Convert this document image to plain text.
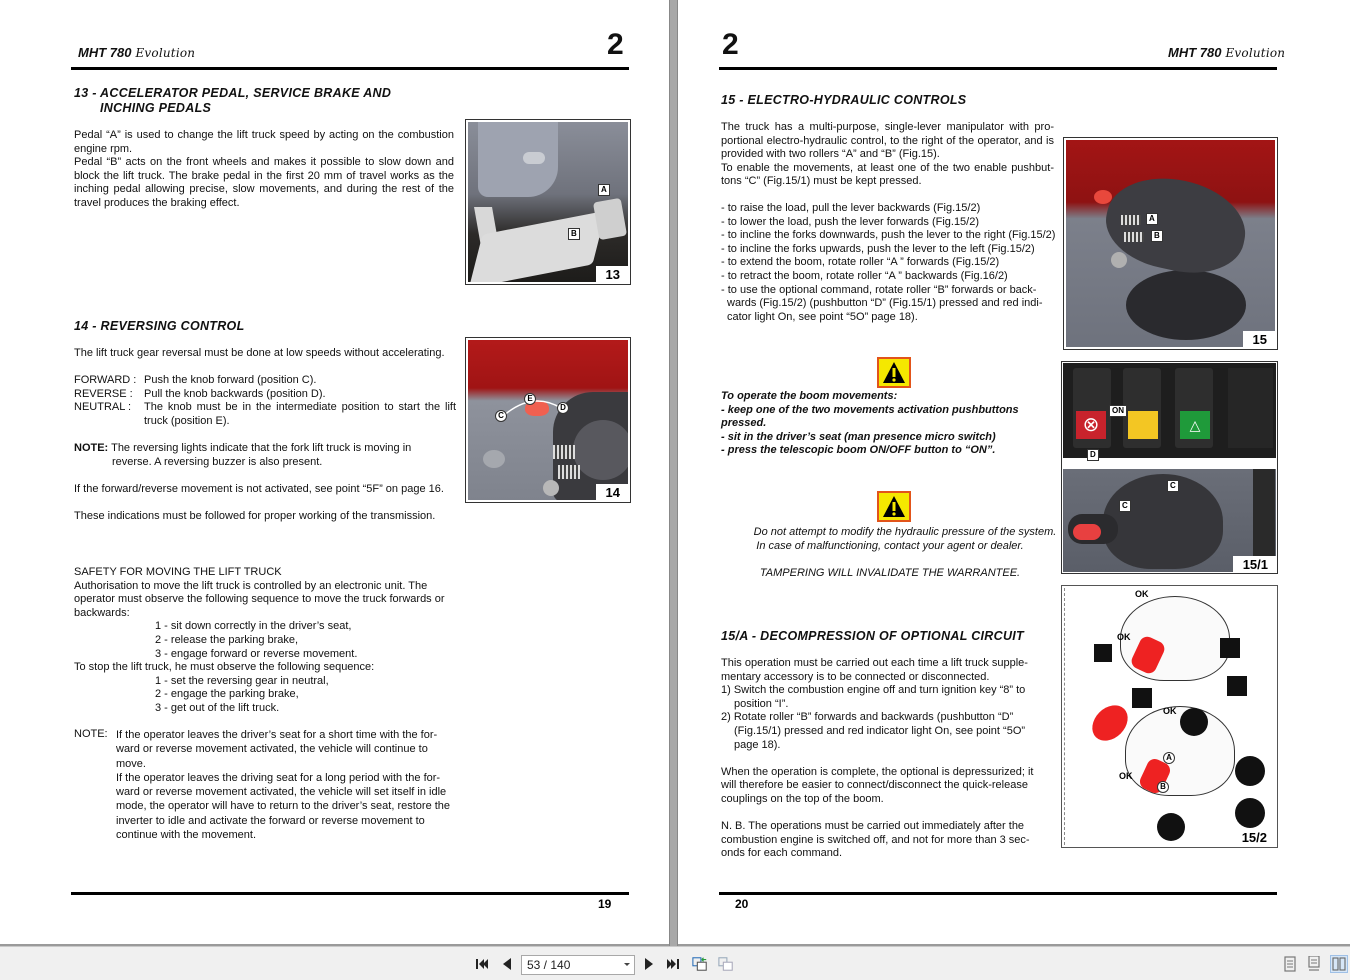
MHT 780 Evolution	2
13 - ACCELERATOR PEDAL, SERVICE BRAKE AND
INCHING PEDALS
Pedal “A” is used to change the lift truck speed by acting on the combustion engine rpm.
Pedal “B” acts on the front wheels and makes it possible to slow down and block the lift truck. The brake pedal in the first 20 mm of travel works as the inching pedal allowing precise, slow movements, and during the rest of the travel produces the braking effect.
A
B
13
14 - REVERSING CONTROL
The lift truck gear reversal must be done at low speeds without accelerating.
FORWARD : Push the knob forward (position C).
REVERSE :	Pull the knob backwards (position D).
NEUTRAL :	The knob must be in the intermediate position to start the lift truck (position E).
NOTE: The reversing lights indicate that the fork lift truck is moving in
reverse. A reversing buzzer is also present.
If the forward/reverse movement is not activated, see point “5F” on page 16.
These indications must be followed for proper working of the transmission.
C
E
D
14
SAFETY FOR MOVING THE LIFT TRUCK
Authorisation to move the lift truck is controlled by an electronic unit. The operator must observe the following sequence to move the truck forwards or backwards:
1 - sit down correctly in the driver’s seat,
2 - release the parking brake,
3 - engage forward or reverse movement.
To stop the lift truck, he must observe the following sequence:
1 - set the reversing gear in neutral,
2 - engage the parking brake,
3 - get out of the lift truck.
NOTE: If the operator leaves the driver’s seat for a short time with the for-ward or reverse movement activated, the vehicle will continue to move.
If the operator leaves the driving seat for a long period with the for-ward or reverse movement activated, the vehicle will set itself in idle mode, the operator will have to return to the driver’s seat, restore the inverter to idle and activate the forward or reverse movement to continue with the movement.
19
2	MHT 780 Evolution
15 - ELECTRO-HYDRAULIC CONTROLS
The truck has a multi-purpose, single-lever manipulator with pro-portional electro-hydraulic control, to the right of the operator, and is provided with two rollers “A” and “B” (Fig.15).
To enable the movements, at least one of the two enable pushbut-tons “C” (Fig.15/1) must be kept pressed.
- to raise the load, pull the lever backwards (Fig.15/2)
- to lower the load, push the lever forwards (Fig.15/2)
- to incline the forks downwards, push the lever to the right (Fig.15/2)
- to incline the forks upwards, push the lever to the left (Fig.15/2)
- to extend the boom, rotate roller “A ” forwards (Fig.15/2)
- to retract the boom, rotate roller “A ” backwards (Fig.16/2)
- to use the optional command, rotate roller “B” forwards or back-wards (Fig.15/2) (pushbutton “D” (Fig.15/1) pressed and red indi-cator light On, see point “5O” page 18).
A
B
15
To operate the boom movements:
- keep one of the two movements activation pushbuttons pressed.
- sit in the driver’s seat (man presence micro switch)
- press the telescopic boom ON/OFF button to “ON”.
⊗	△
ON
D
C
C
15/1
Do not attempt to modify the hydraulic pressure of the system.
In case of malfunctioning, contact your agent or dealer.
TAMPERING WILL INVALIDATE THE WARRANTEE.
15/A - DECOMPRESSION OF OPTIONAL CIRCUIT
This operation must be carried out each time a lift truck supple-mentary accessory is to be connected or disconnected.
1) Switch the combustion engine off and turn ignition key “8” to position “I”.
2) Rotate roller “B” forwards and backwards (pushbutton “D” (Fig.15/1) pressed and red indicator light On, see point “5O” page 18).
When the operation is complete, the optional is depressurized; it will therefore be easier to connect/disconnect the quick-release couplings on the top of the boom.
N. B. The operations must be carried out immediately after the combustion engine is switched off, and not for more than 3 sec-onds for each command.
OK
OK
OK
OK
A
B
15/2
20
53 / 140
